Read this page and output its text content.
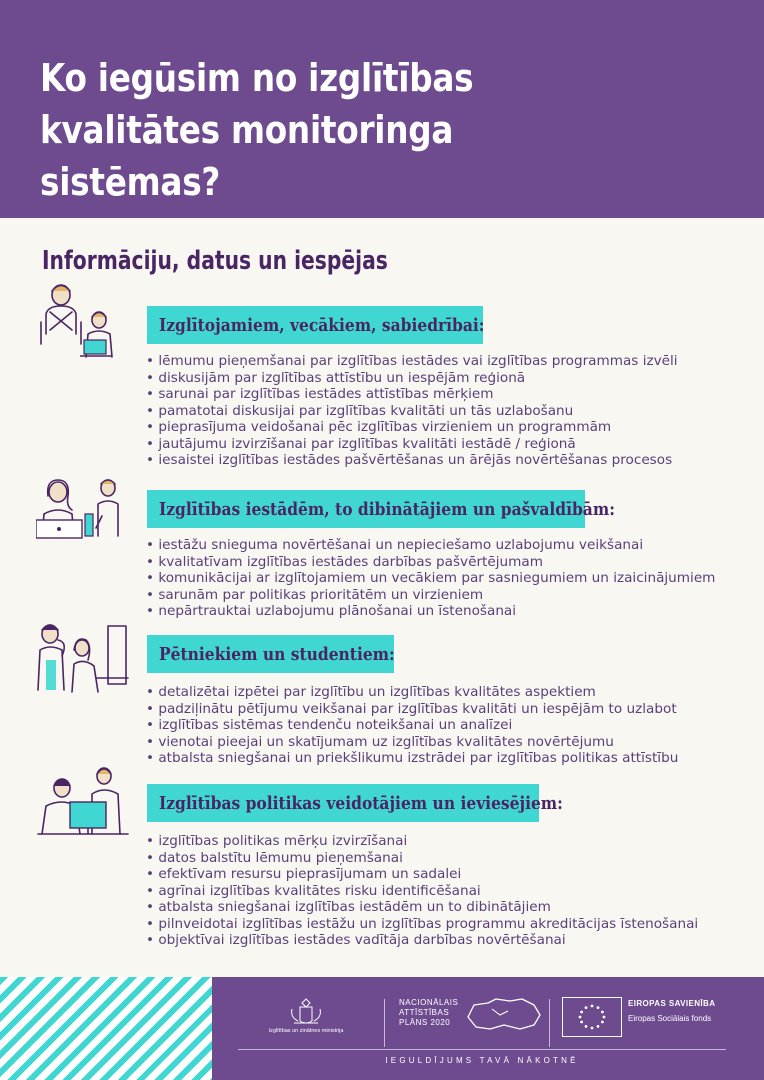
Ko iegūsim no izglītības
kvalitātes monitoringa sistēmas?
Informāciju, datus un iespējas
Izglītojamiem, vecākiem, sabiedrībai:
• lēmumu pieņemšanai par izglītības iestādes vai izglītības programmas izvēli
• diskusijām par izglītības attīstību un iespējām reģionā
• sarunai par izglītības iestādes attīstības mērķiem
• pamatotai diskusijai par izglītības kvalitāti un tās uzlabošanu
• pieprasījuma veidošanai pēc izglītības virzieniem un programmām
• jautājumu izvirzīšanai par izglītības kvalitāti iestādē / reģionā
• iesaistei izglītības iestādes pašvērtēšanas un ārējās novērtēšanas procesos
Izglītības iestādēm, to dibinātājiem un pašvaldībām:
• iestāžu snieguma novērtēšanai un nepieciešamo uzlabojumu veikšanai
• kvalitatīvam izglītības iestādes darbības pašvērtējumam
• komunikācijai ar izglītojamiem un vecākiem par sasniegumiem un izaicinājumiem
• sarunām par politikas prioritātēm un virzieniem
• nepārtrauktai uzlabojumu plānošanai un īstenošanai
Pētniekiem un studentiem:
• detalizētai izpētei par izglītību un izglītības kvalitātes aspektiem
• padziļinātu pētījumu veikšanai par izglītības kvalitāti un iespējām to uzlabot
• izglītības sistēmas tendenču noteikšanai un analīzei
• vienotai pieejai un skatījumam uz izglītības kvalitātes novērtējumu
• atbalsta sniegšanai un priekšlikumu izstrādei par izglītības politikas attīstību
Izglītības politikas veidotājiem un ieviesējiem:
• izglītības politikas mērķu izvirzīšanai
• datos balstītu lēmumu pieņemšanai
• efektīvam resursu pieprasījumam un sadalei
• agrīnai izglītības kvalitātes risku identificēšanai
• atbalsta sniegšanai izglītības iestādēm un to dibinātājiem
• pilnveidotai izglītības iestāžu un izglītības programmu akreditācijas īstenošanai
• objektīvai izglītības iestādes vadītāja darbības novērtēšanai
Izglītības un zinātnes ministrija
NACIONĀLAIS
ATTĪSTĪBAS
PLĀNS 2020
EIROPAS SAVIENĪBA
Eiropas Sociālais fonds
IEGULDĪJUMS TAVĀ NĀKOTNĒ
